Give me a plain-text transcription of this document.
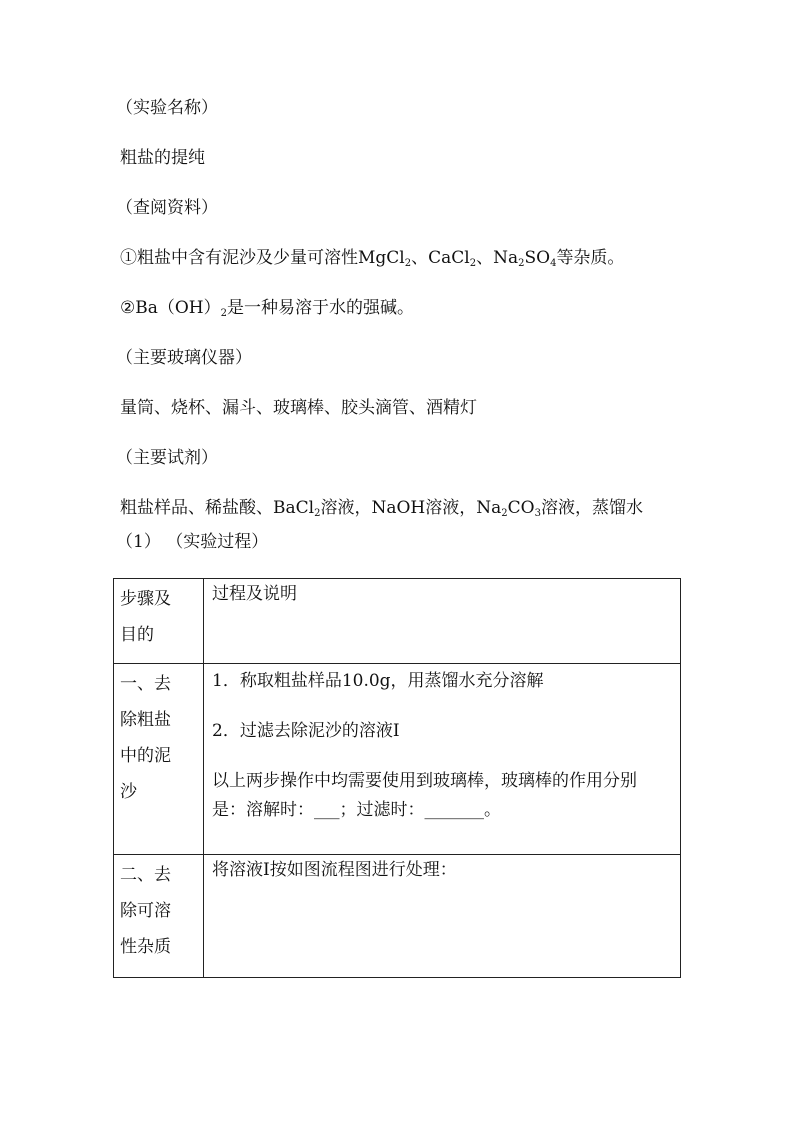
（实验名称）
粗盐的提纯
（查阅资料）
①粗盐中含有泥沙及少量可溶性MgCl$_2$、CaCl$_2$、$Na_2SO_4$等杂质。
$②Ba(OH)_2$是一种易溶于水的强碱。
（主要玻璃仪器）
量筒、烧杯、漏斗、玻璃棒、胶头滴管、酒精灯
（主要试剂）
粗盐样品、稀盐酸、BaCl$_2$溶液，NaOH溶液，$Na_2CO_3$溶液，蒸馏水
（1） （实验过程）
步骤及
目的	过程及说明

一、去
除粗盐
中的泥
沙	1．称取粗盐样品10.0g，用蒸馏水充分溶解
2．过滤去除泥沙的溶液I
以上两步操作中均需要使用到玻璃棒，玻璃棒的作用分别
是：溶解时：___；过滤时：_______。

二、去
除可溶
性杂质	将溶液I按如图流程图进行处理：
